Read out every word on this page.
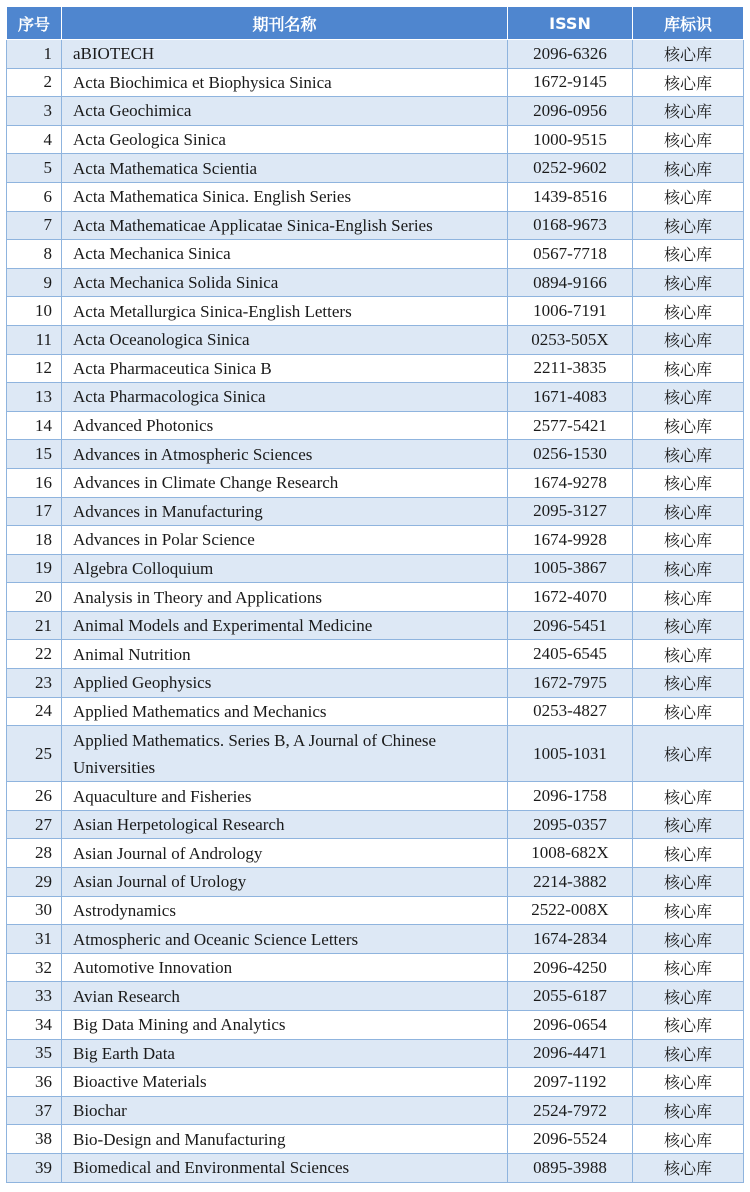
序号	期刊名称	ISSN	库标识
1	aBIOTECH	2096-6326	核心库
2	Acta Biochimica et Biophysica Sinica	1672-9145	核心库
3	Acta Geochimica	2096-0956	核心库
4	Acta Geologica Sinica	1000-9515	核心库
5	Acta Mathematica Scientia	0252-9602	核心库
6	Acta Mathematica Sinica. English Series	1439-8516	核心库
7	Acta Mathematicae Applicatae Sinica-English Series	0168-9673	核心库
8	Acta Mechanica Sinica	0567-7718	核心库
9	Acta Mechanica Solida Sinica	0894-9166	核心库
10	Acta Metallurgica Sinica-English Letters	1006-7191	核心库
11	Acta Oceanologica Sinica	0253-505X	核心库
12	Acta Pharmaceutica Sinica B	2211-3835	核心库
13	Acta Pharmacologica Sinica	1671-4083	核心库
14	Advanced Photonics	2577-5421	核心库
15	Advances in Atmospheric Sciences	0256-1530	核心库
16	Advances in Climate Change Research	1674-9278	核心库
17	Advances in Manufacturing	2095-3127	核心库
18	Advances in Polar Science	1674-9928	核心库
19	Algebra Colloquium	1005-3867	核心库
20	Analysis in Theory and Applications	1672-4070	核心库
21	Animal Models and Experimental Medicine	2096-5451	核心库
22	Animal Nutrition	2405-6545	核心库
23	Applied Geophysics	1672-7975	核心库
24	Applied Mathematics and Mechanics	0253-4827	核心库
25	Applied Mathematics. Series B, A Journal of Chinese Universities	1005-1031	核心库
26	Aquaculture and Fisheries	2096-1758	核心库
27	Asian Herpetological Research	2095-0357	核心库
28	Asian Journal of Andrology	1008-682X	核心库
29	Asian Journal of Urology	2214-3882	核心库
30	Astrodynamics	2522-008X	核心库
31	Atmospheric and Oceanic Science Letters	1674-2834	核心库
32	Automotive Innovation	2096-4250	核心库
33	Avian Research	2055-6187	核心库
34	Big Data Mining and Analytics	2096-0654	核心库
35	Big Earth Data	2096-4471	核心库
36	Bioactive Materials	2097-1192	核心库
37	Biochar	2524-7972	核心库
38	Bio-Design and Manufacturing	2096-5524	核心库
39	Biomedical and Environmental Sciences	0895-3988	核心库
